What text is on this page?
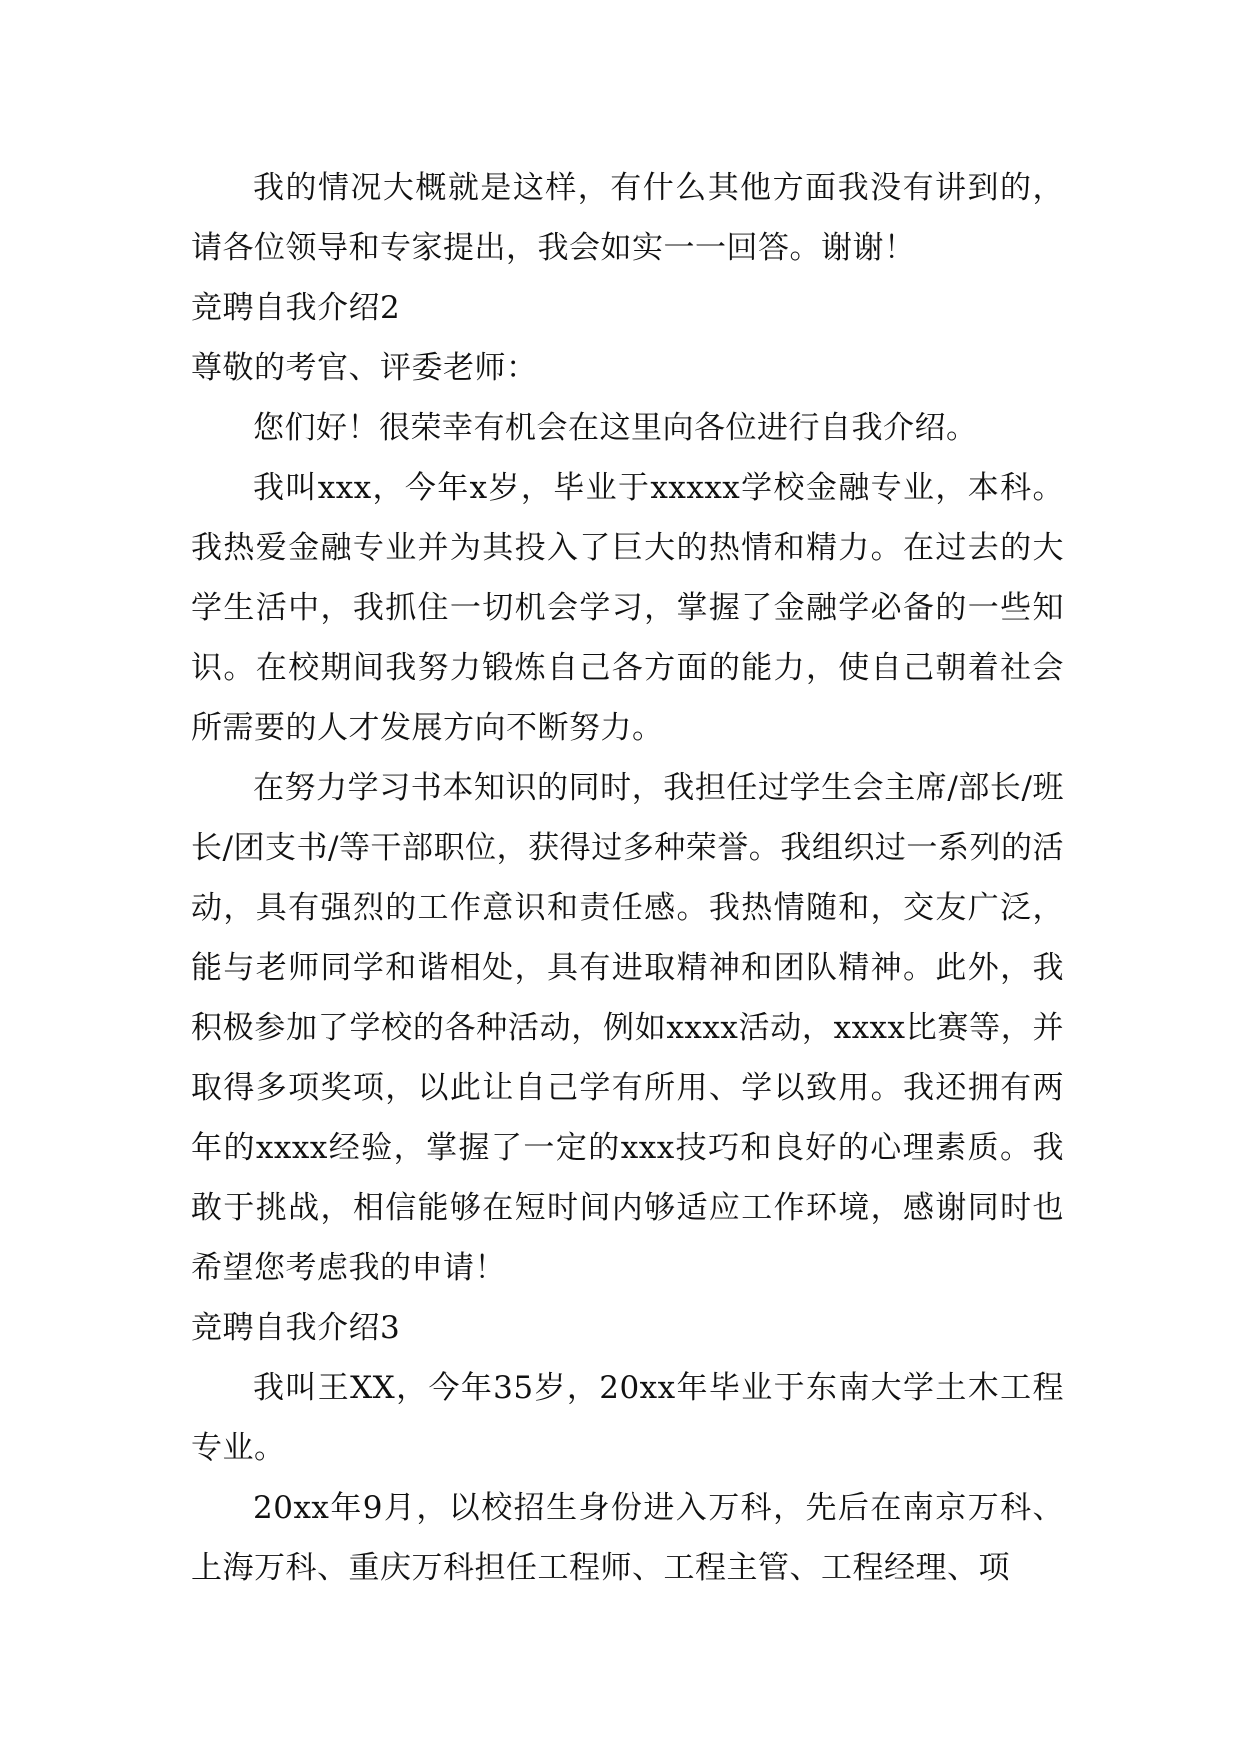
我的情况大概就是这样，有什么其他方面我没有讲到的，请各位领导和专家提出，我会如实一一回答。谢谢！

竞聘自我介绍2

尊敬的考官、评委老师：

您们好！很荣幸有机会在这里向各位进行自我介绍。

我叫xxx，今年x岁，毕业于xxxxx学校金融专业，本科。我热爱金融专业并为其投入了巨大的热情和精力。在过去的大学生活中，我抓住一切机会学习，掌握了金融学必备的一些知识。在校期间我努力锻炼自己各方面的能力，使自己朝着社会所需要的人才发展方向不断努力。

在努力学习书本知识的同时，我担任过学生会主席/部长/班长/团支书/等干部职位，获得过多种荣誉。我组织过一系列的活动，具有强烈的工作意识和责任感。我热情随和，交友广泛，能与老师同学和谐相处，具有进取精神和团队精神。此外，我积极参加了学校的各种活动，例如xxxx活动，xxxx比赛等，并取得多项奖项，以此让自己学有所用、学以致用。我还拥有两年的xxxx经验，掌握了一定的xxx技巧和良好的心理素质。我敢于挑战，相信能够在短时间内够适应工作环境，感谢同时也希望您考虑我的申请！

竞聘自我介绍3

我叫王XX，今年35岁，20xx年毕业于东南大学土木工程专业。

20xx年9月，以校招生身份进入万科，先后在南京万科、上海万科、重庆万科担任工程师、工程主管、工程经理、项
